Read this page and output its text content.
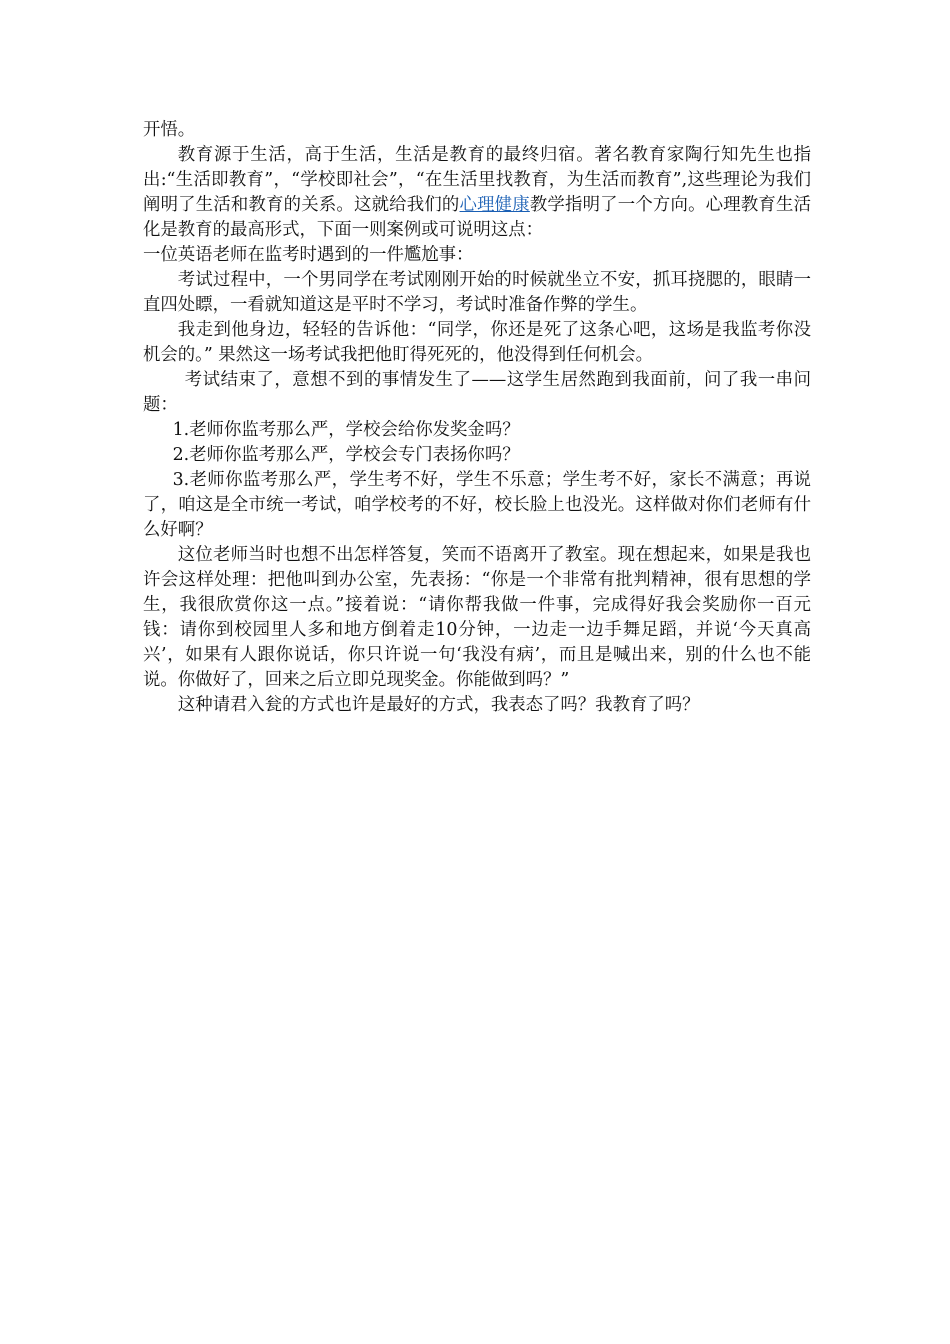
开悟。

教育源于生活，高于生活，生活是教育的最终归宿。著名教育家陶行知先生也指出:“生活即教育”，“学校即社会”，“在生活里找教育，为生活而教育”,这些理论为我们阐明了生活和教育的关系。这就给我们的心理健康教学指明了一个方向。心理教育生活化是教育的最高形式，下面一则案例或可说明这点：

一位英语老师在监考时遇到的一件尷尬事：

考试过程中，一个男同学在考试刚刚开始的时候就坐立不安，抓耳挠腮的，眼睛一直四处瞟，一看就知道这是平时不学习，考试时准备作弊的学生。

我走到他身边，轻轻的告诉他：“同学，你还是死了这条心吧，这场是我监考你没机会的。” 果然这一场考试我把他盯得死死的，他没得到任何机会。

考试结束了，意想不到的事情发生了——这学生居然跑到我面前，问了我一串问题：

1.老师你监考那么严，学校会给你发奖金吗？

2.老师你监考那么严，学校会专门表扬你吗？

3.老师你监考那么严，学生考不好，学生不乐意；学生考不好，家长不满意；再说了，咱这是全市统一考试，咱学校考的不好，校长脸上也没光。这样做对你们老师有什么好啊？

这位老师当时也想不出怎样答复，笑而不语离开了教室。现在想起来，如果是我也许会这样处理：把他叫到办公室，先表扬：“你是一个非常有批判精神，很有思想的学生，我很欣赏你这一点。”接着说：“请你帮我做一件事，完成得好我会奖励你一百元钱：请你到校园里人多和地方倒着走10分钟，一边走一边手舞足蹈，并说‘今天真高兴’，如果有人跟你说话，你只许说一句‘我没有病’，而且是喊出来，别的什么也不能说。你做好了，回来之后立即兑现奖金。你能做到吗？”

这种请君入瓮的方式也许是最好的方式，我表态了吗？我教育了吗？
